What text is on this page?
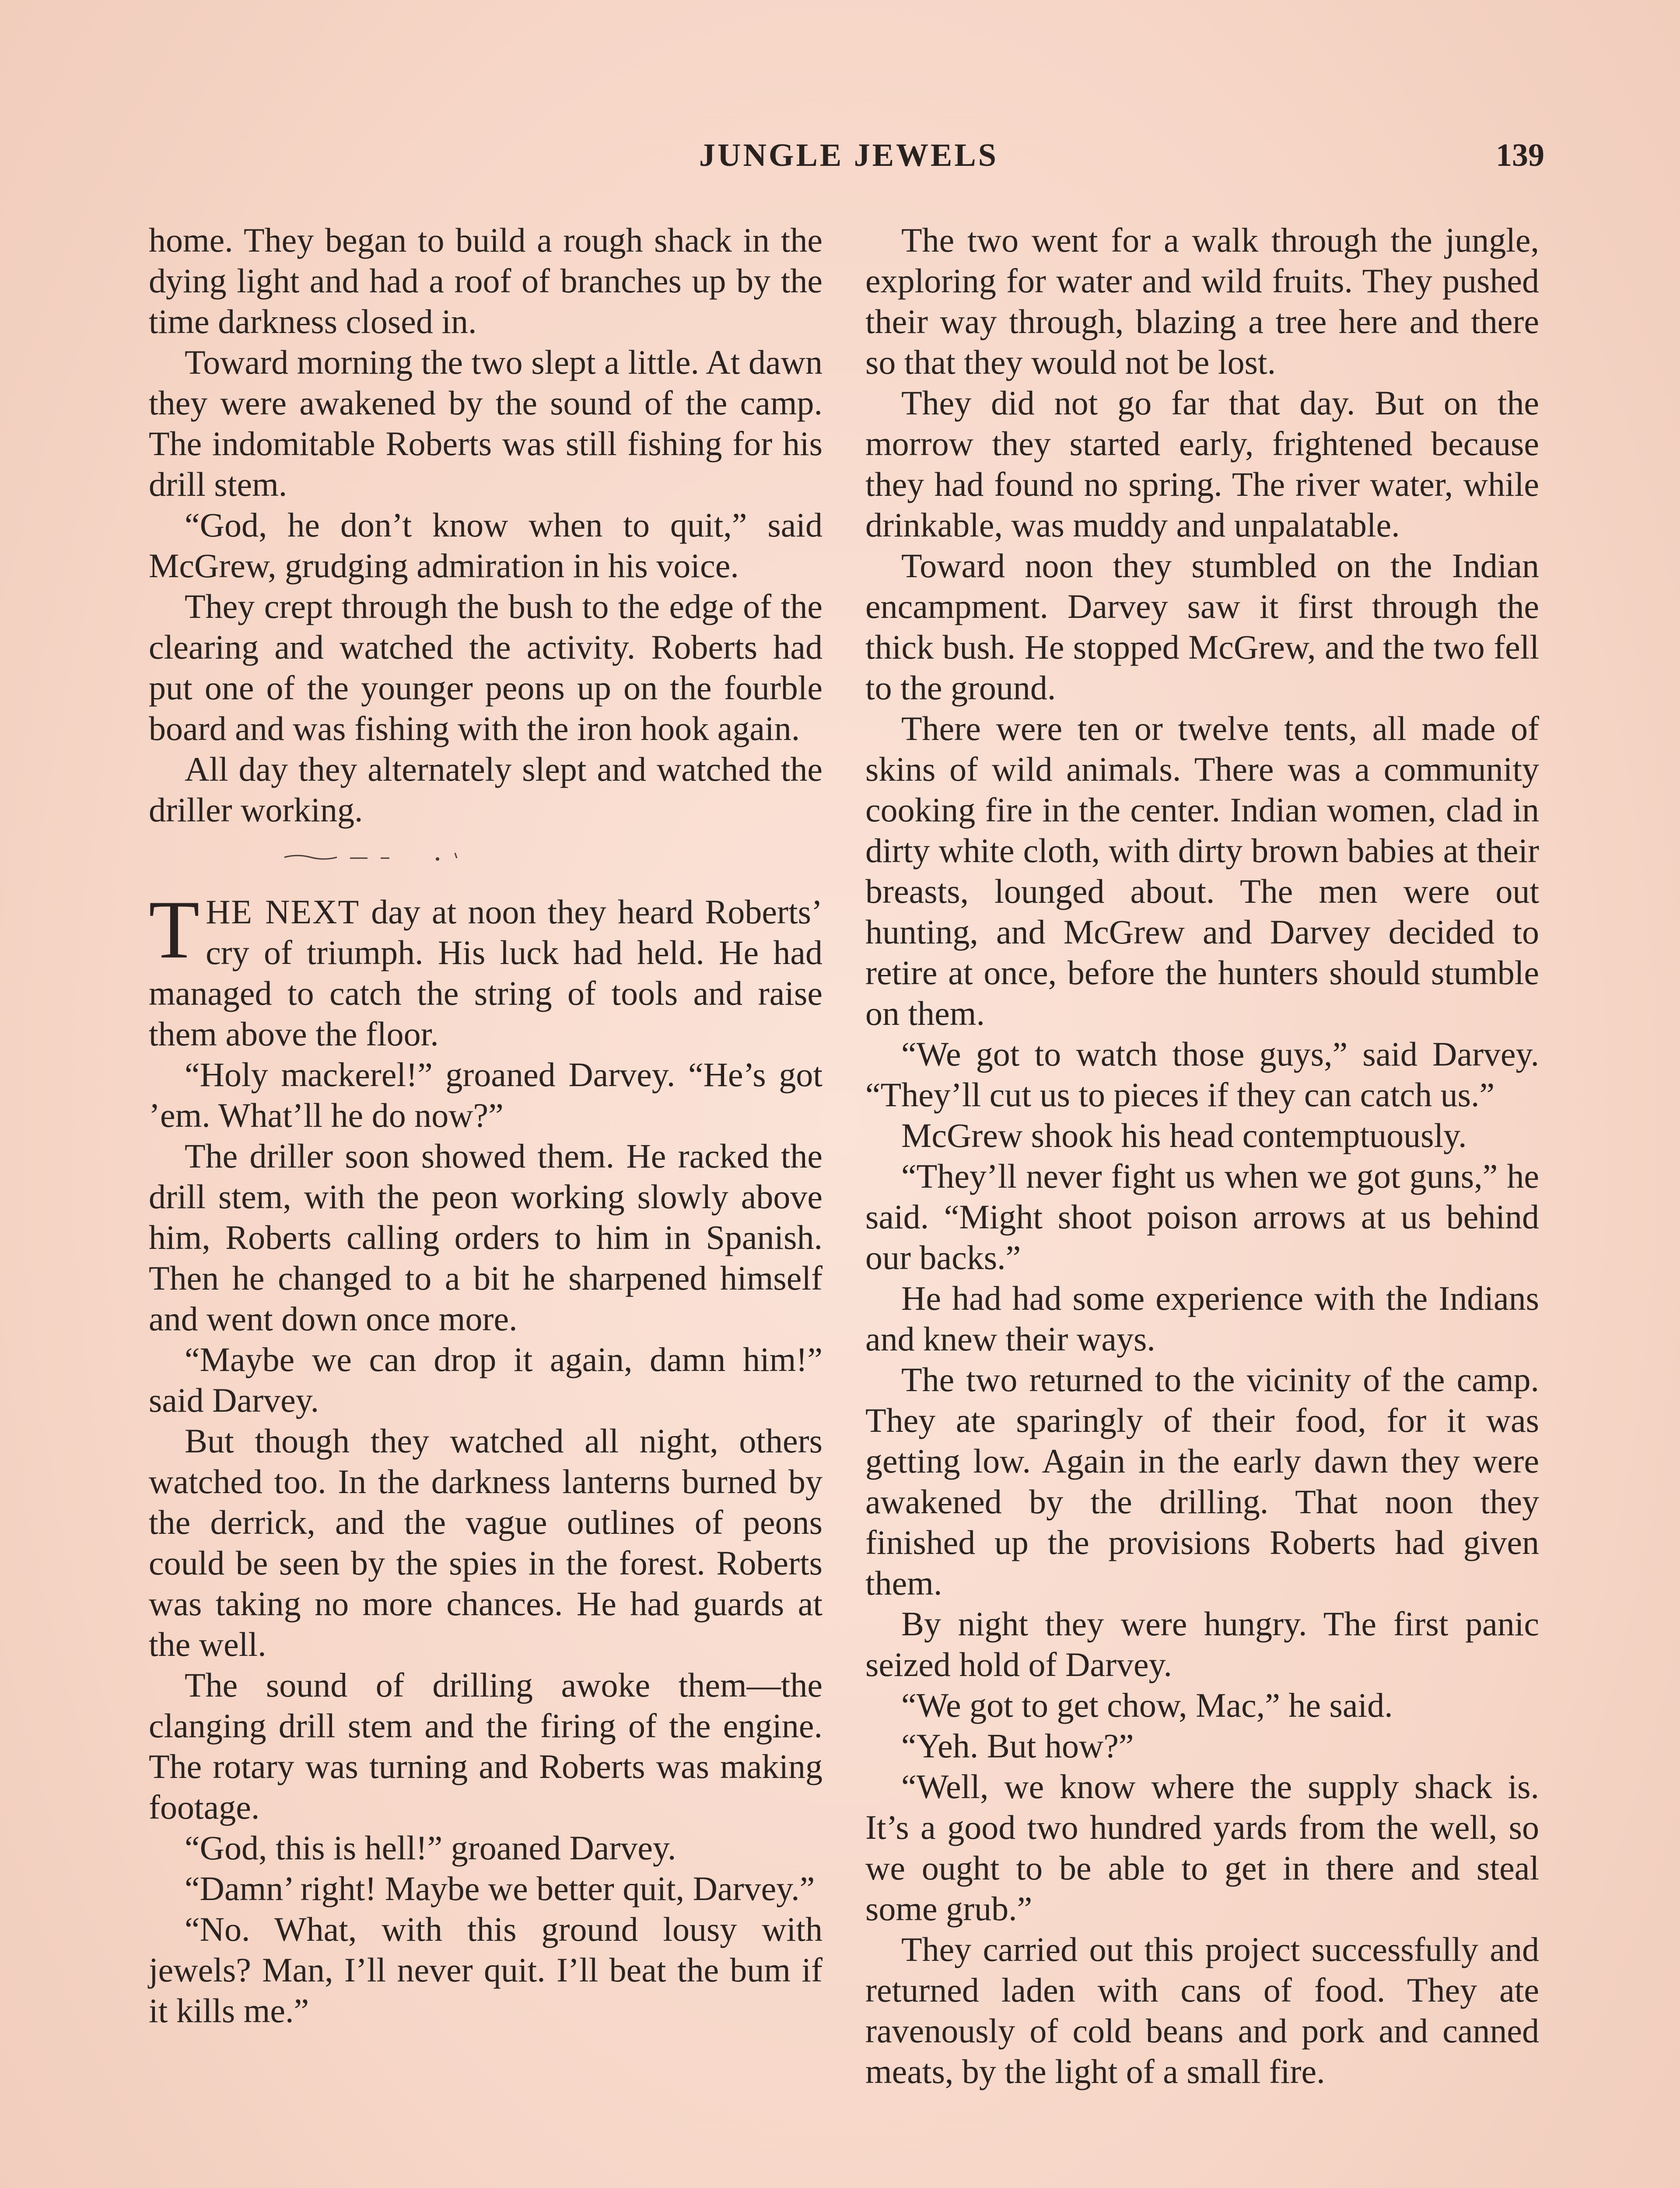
JUNGLE JEWELS	139

home. They began to build a rough shack in the dying light and had a roof of branches up by the time darkness closed in.

Toward morning the two slept a little. At dawn they were awakened by the sound of the camp. The indomitable Roberts was still fishing for his drill stem.

“God, he don’t know when to quit,” said McGrew, grudging admiration in his voice.

They crept through the bush to the edge of the clearing and watched the activity. Roberts had put one of the younger peons up on the fourble board and was fishing with the iron hook again.

All day they alternately slept and watched the driller working.

THE NEXT day at noon they heard Roberts’ cry of triumph. His luck had held. He had managed to catch the string of tools and raise them above the floor.

“Holy mackerel!” groaned Darvey. “He’s got ’em. What’ll he do now?”

The driller soon showed them. He racked the drill stem, with the peon working slowly above him, Roberts calling orders to him in Spanish. Then he changed to a bit he sharpened himself and went down once more.

“Maybe we can drop it again, damn him!” said Darvey.

But though they watched all night, others watched too. In the darkness lanterns burned by the derrick, and the vague outlines of peons could be seen by the spies in the forest. Roberts was taking no more chances. He had guards at the well.

The sound of drilling awoke them—the clanging drill stem and the firing of the engine. The rotary was turning and Roberts was making footage.

“God, this is hell!” groaned Darvey.

“Damn’ right! Maybe we better quit, Darvey.”

“No. What, with this ground lousy with jewels? Man, I’ll never quit. I’ll beat the bum if it kills me.”

The two went for a walk through the jungle, exploring for water and wild fruits. They pushed their way through, blazing a tree here and there so that they would not be lost.

They did not go far that day. But on the morrow they started early, frightened because they had found no spring. The river water, while drinkable, was muddy and unpalatable.

Toward noon they stumbled on the Indian encampment. Darvey saw it first through the thick bush. He stopped McGrew, and the two fell to the ground.

There were ten or twelve tents, all made of skins of wild animals. There was a community cooking fire in the center. Indian women, clad in dirty white cloth, with dirty brown babies at their breasts, lounged about. The men were out hunting, and McGrew and Darvey decided to retire at once, before the hunters should stumble on them.

“We got to watch those guys,” said Darvey. “They’ll cut us to pieces if they can catch us.”

McGrew shook his head contemptuously.

“They’ll never fight us when we got guns,” he said. “Might shoot poison arrows at us behind our backs.”

He had had some experience with the Indians and knew their ways.

The two returned to the vicinity of the camp. They ate sparingly of their food, for it was getting low. Again in the early dawn they were awakened by the drilling. That noon they finished up the provisions Roberts had given them.

By night they were hungry. The first panic seized hold of Darvey.

“We got to get chow, Mac,” he said.

“Yeh. But how?”

“Well, we know where the supply shack is. It’s a good two hundred yards from the well, so we ought to be able to get in there and steal some grub.”

They carried out this project successfully and returned laden with cans of food. They ate ravenously of cold beans and pork and canned meats, by the light of a small fire.
